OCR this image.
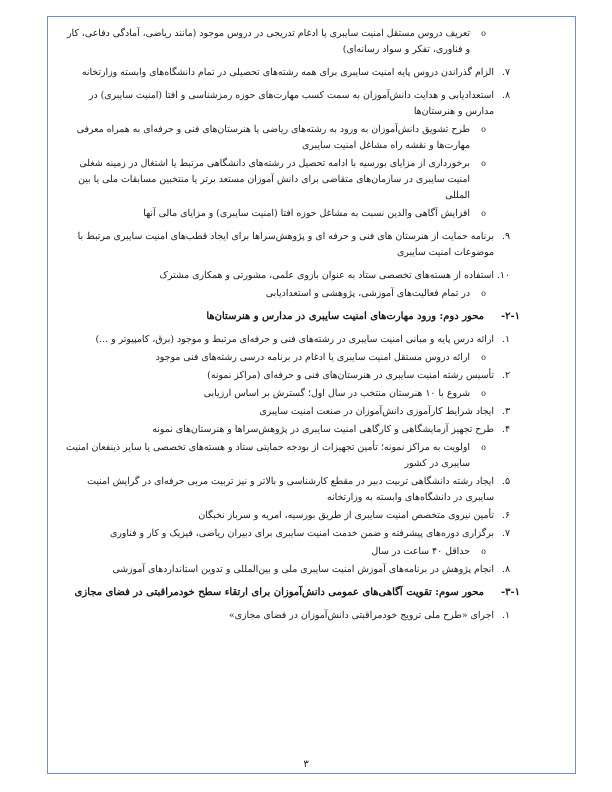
o
تعریف دروس مستقل امنیت سایبری یا ادغام تدریجی در دروس موجود (مانند ریاضی، آمادگی دفاعی، کار و فناوری، تفکر و سواد رسانه‌ای)
۷.
الزام گذراندن دروس پایه امنیت سایبری برای همه رشته‌های تحصیلی در تمام دانشگاه‌های وابسته وزارتخانه
۸.
استعدادیابی و هدایت دانش‌آموزان به سمت کسب مهارت‌های حوزه رمزشناسی و افتا (امنیت سایبری) در مدارس و هنرستان‌ها
o
طرح تشویق دانش‌آموزان به ورود به رشته‌های ریاضی یا هنرستان‌های فنی و حرفه‌ای به همراه معرفی مهارت‌ها و نقشه راه مشاغل امنیت سایبری
o
برخورداری از مزایای بورسیه با ادامه تحصیل در رشته‌های دانشگاهی مرتبط یا اشتغال در زمینه شغلی امنیت سایبری در سازمان‌های متقاضی برای دانش آموزان مستعد برتر یا منتخبین مسابقات ملی یا بین المللی
o
افزایش آگاهی والدین نسبت به مشاغل حوزه افتا (امنیت سایبری) و مزایای مالی آنها
۹.
برنامه حمایت از هنرستان های فنی و حرفه ای و پژوهش‌سراها برای ایجاد قطب‌های امنیت سایبری مرتبط با موضوعات امنیت سایبری
۱۰.
استفاده از هسته‌های تخصصی ستاد به عنوان بازوی علمی، مشورتی و همکاری مشترک
o
در تمام فعالیت‌های آموزشی، پژوهشی و استعدادیابی
۲-۱-
محور دوم: ورود مهارت‌های امنیت سایبری در مدارس و هنرستان‌ها
۱.
ارائه درس پایه و مبانی امنیت سایبری در رشته‌های فنی و حرفه‌ای مرتبط و موجود (برق، کامپیوتر و ...)
o
ارائه دروس مستقل امنیت سایبری یا ادغام در برنامه درسی رشته‌های فنی موجود
۲.
تأسیس رشته امنیت سایبری در هنرستان‌های فنی و حرفه‌ای (مراکز نمونه)
o
شروع با ۱۰ هنرستان منتخب در سال اول؛ گسترش بر اساس ارزیابی
۳.
ایجاد شرایط کارآموزی دانش‌آموزان در صنعت امنیت سایبری
۴.
طرح تجهیز آزمایشگاهی و کارگاهی امنیت سایبری در پژوهش‌سراها و هنرستان‌های نمونه
o
اولویت به مراکز نمونه؛ تأمین تجهیزات از بودجه حمایتی ستاد و هسته‌های تخصصی یا سایر ذینفعان امنیت سایبری در کشور
۵.
ایجاد رشته دانشگاهی تربیت دبیر در مقطع کارشناسی و بالاتر و نیز تربیت مربی حرفه‌ای در گرایش امنیت سایبری در دانشگاه‌های وابسته به وزارتخانه
۶.
تأمین نیروی متخصص امنیت سایبری از طریق بورسیه، امریه و سرباز نخبگان
۷.
برگزاری دوره‌های پیشرفته و ضمن خدمت امنیت سایبری برای دبیران ریاضی، فیزیک و کار و فناوری
o
حداقل ۴۰ ساعت در سال
۸.
انجام پژوهش در برنامه‌های آموزش امنیت سایبری ملی و بین‌المللی و تدوین استانداردهای آموزشی
۳-۱-
محور سوم: تقویت آگاهی‌های عمومی دانش‌آموزان برای ارتقاء سطح خودمراقبتی در فضای مجازی
۱.
اجرای «طرح ملی ترویج خودمراقبتی دانش‌آموزان در فضای مجازی»
۳
